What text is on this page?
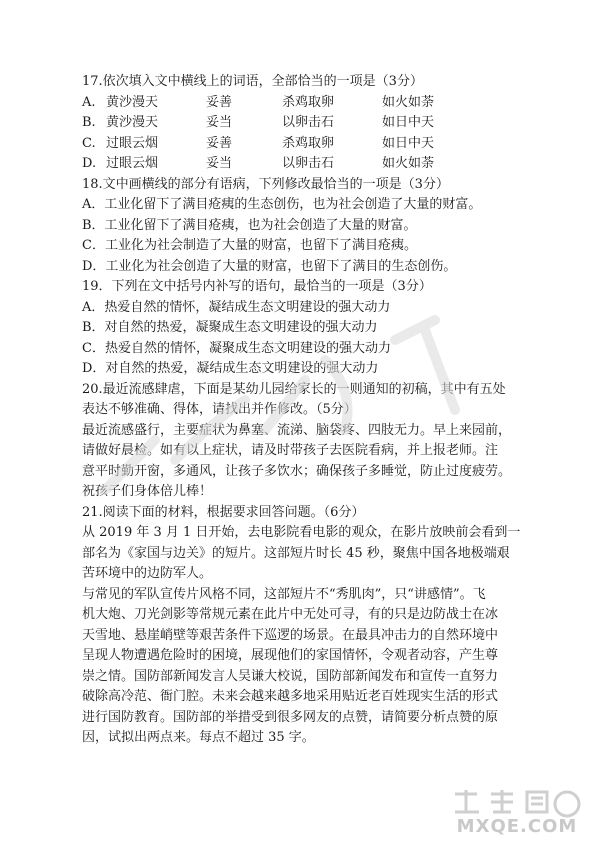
17.依次填入文中横线上的词语，全部恰当的一项是（3分）
A. 黄沙漫天	妥善	杀鸡取卵	如火如荼
B. 黄沙漫天	妥当	以卵击石	如日中天
C. 过眼云烟	妥善	杀鸡取卵	如日中天
D. 过眼云烟	妥当	以卵击石	如火如荼
18.文中画横线的部分有语病，下列修改最恰当的一项是（3分）
A．工业化留下了满目疮痍的生态创伤，也为社会创造了大量的财富。
B．工业化留下了满目疮痍，也为社会创造了大量的财富。
C．工业化为社会制造了大量的财富，也留下了满目疮痍。
D．工业化为社会创造了大量的财富，也留下了满目的生态创伤。
19．下列在文中括号内补写的语句，最恰当的一项是（3分）
A．热爱自然的情怀，凝结成生态文明建设的强大动力
B．对自然的热爱，凝聚成生态文明建设的强大动力
C．热爱自然的情怀，凝聚成生态文明建设的强大动力
D．对自然的热爱，凝结成生态文明建设的强大动力
20.最近流感肆虐，下面是某幼儿园给家长的一则通知的初稿，其中有五处
表达不够准确、得体，请找出并作修改。（5分）
最近流感盛行，主要症状为鼻塞、流涕、脑袋疼、四肢无力。早上来园前，
请做好晨检。如有以上症状，请及时带孩子去医院看病，并上报老师。注
意平时勤开窗，多通风，让孩子多饮水；确保孩子多睡觉，防止过度疲劳。
祝孩子们身体倍儿棒！
21.阅读下面的材料，根据要求回答问题。（6分）
从 2019 年 3 月 1 日开始，去电影院看电影的观众，在影片放映前会看到一
部名为《家国与边关》的短片。这部短片时长 45 秒，聚焦中国各地极端艰
苦环境中的边防军人。
与常见的军队宣传片风格不同，这部短片不“秀肌肉”，只“讲感情”。飞
机大炮、刀光剑影等常规元素在此片中无处可寻，有的只是边防战士在冰
天雪地、悬崖峭壁等艰苦条件下巡逻的场景。在最具冲击力的自然环境中
呈现人物遭遇危险时的困境，展现他们的家国情怀，令观者动容，产生尊
崇之情。国防部新闻发言人吴谦大校说，国防部新闻发布和宣传一直努力
破除高冷范、衙门腔。未来会越来越多地采用贴近老百姓现实生活的形式
进行国防教育。国防部的举措受到很多网友的点赞，请简要分析点赞的原
因，试拟出两点来。每点不超过 35 字。
MXQE.COM
